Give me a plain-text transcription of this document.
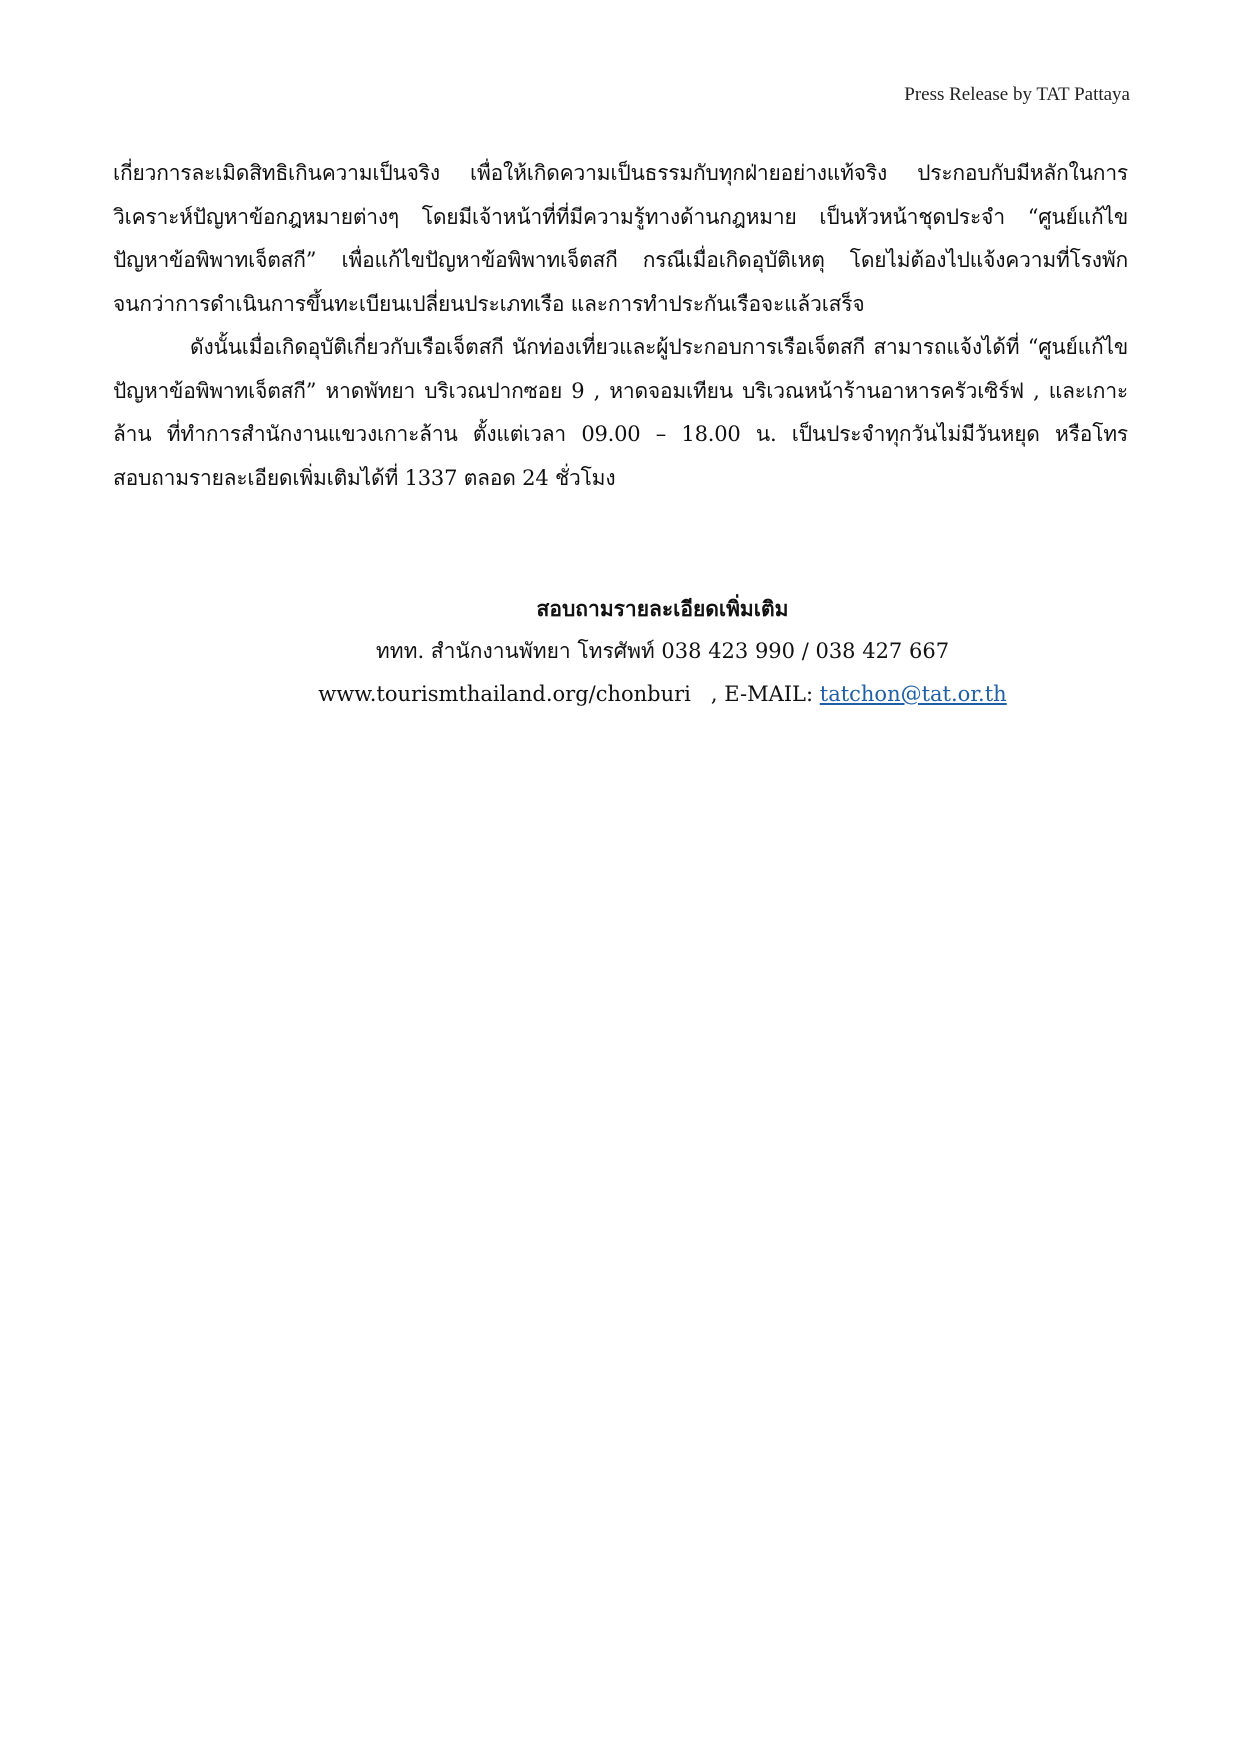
Press Release by TAT Pattaya

เกี่ยวการละเมิดสิทธิเกินความเป็นจริง เพื่อให้เกิดความเป็นธรรมกับทุกฝ่ายอย่างแท้จริง ประกอบกับมีหลักในการวิเคราะห์ปัญหาข้อกฎหมายต่างๆ โดยมีเจ้าหน้าที่ที่มีความรู้ทางด้านกฎหมาย เป็นหัวหน้าชุดประจำ “ศูนย์แก้ไขปัญหาข้อพิพาทเจ็ตสกี” เพื่อแก้ไขปัญหาข้อพิพาทเจ็ตสกี กรณีเมื่อเกิดอุบัติเหตุ โดยไม่ต้องไปแจ้งความที่โรงพักจนกว่าการดำเนินการขึ้นทะเบียนเปลี่ยนประเภทเรือ และการทำประกันเรือจะแล้วเสร็จ

ดังนั้นเมื่อเกิดอุบัติเกี่ยวกับเรือเจ็ตสกี นักท่องเที่ยวและผู้ประกอบการเรือเจ็ตสกี สามารถแจ้งได้ที่ “ศูนย์แก้ไขปัญหาข้อพิพาทเจ็ตสกี” หาดพัทยา บริเวณปากซอย 9 , หาดจอมเทียน บริเวณหน้าร้านอาหารครัวเซิร์ฟ , และเกาะล้าน ที่ทำการสำนักงานแขวงเกาะล้าน ตั้งแต่เวลา 09.00 – 18.00 น. เป็นประจำทุกวันไม่มีวันหยุด หรือโทรสอบถามรายละเอียดเพิ่มเติมได้ที่ 1337 ตลอด 24 ชั่วโมง

สอบถามรายละเอียดเพิ่มเติม
ททท. สำนักงานพัทยา โทรศัพท์ 038 423 990 / 038 427 667
www.tourismthailand.org/chonburi   , E-MAIL: tatchon@tat.or.th
